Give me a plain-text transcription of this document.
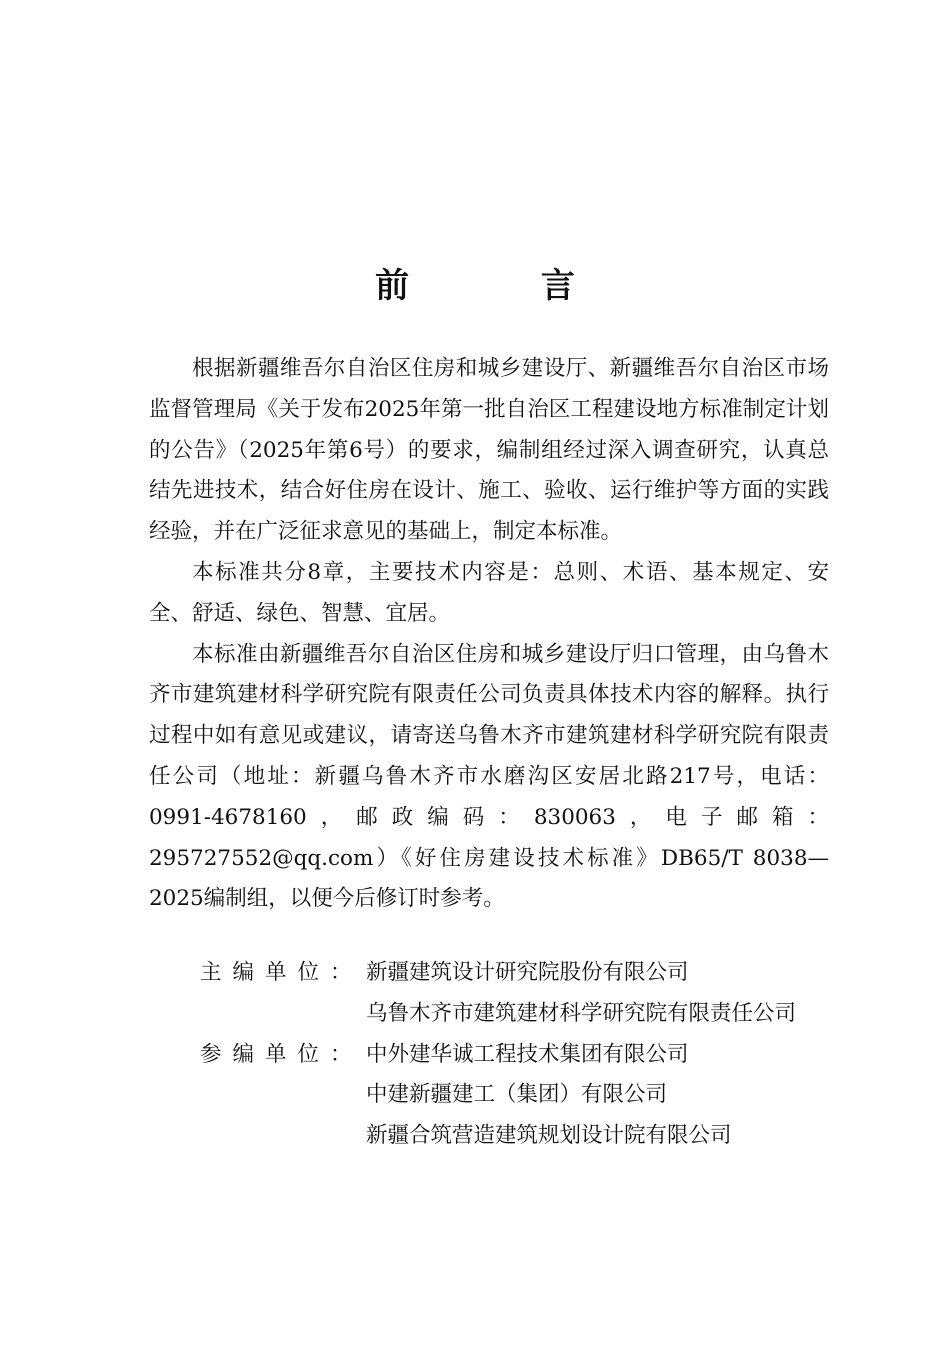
前 言

根据新疆维吾尔自治区住房和城乡建设厅、新疆维吾尔自治区市场监督管理局《关于发布2025年第一批自治区工程建设地方标准制定计划的公告》（2025年第6号）的要求，编制组经过深入调查研究，认真总结先进技术，结合好住房在设计、施工、验收、运行维护等方面的实践经验，并在广泛征求意见的基础上，制定本标准。

本标准共分8章，主要技术内容是：总则、术语、基本规定、安全、舒适、绿色、智慧、宜居。

本标准由新疆维吾尔自治区住房和城乡建设厅归口管理，由乌鲁木齐市建筑建材科学研究院有限责任公司负责具体技术内容的解释。执行过程中如有意见或建议，请寄送乌鲁木齐市建筑建材科学研究院有限责任公司（地址：新疆乌鲁木齐市水磨沟区安居北路217号，电话：0991-4678160，邮政编码：830063，电子邮箱：295727552@qq.com）《好住房建设技术标准》DB65/T 8038—2025编制组，以便今后修订时参考。

主编单位： 新疆建筑设计研究院股份有限公司
乌鲁木齐市建筑建材科学研究院有限责任公司
参编单位： 中外建华诚工程技术集团有限公司
中建新疆建工（集团）有限公司
新疆合筑营造建筑规划设计院有限公司
